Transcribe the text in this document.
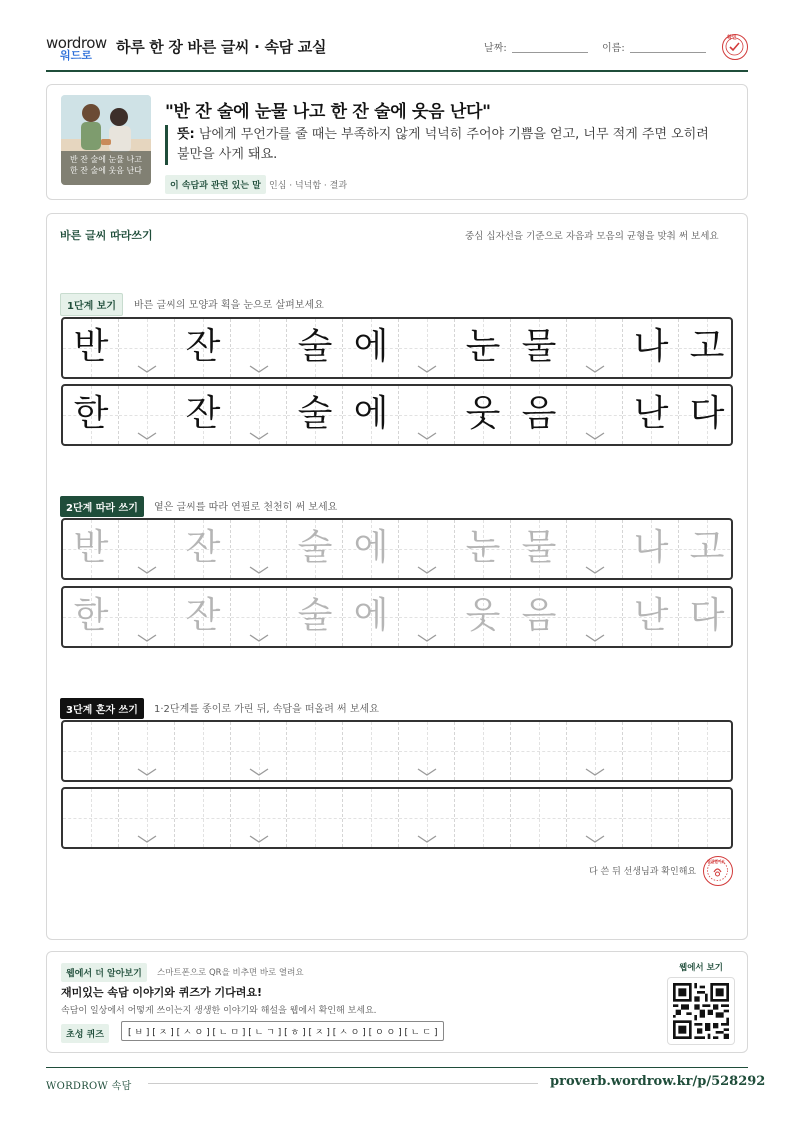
wordrow
워드로 하루 한 장 바른 글씨 · 속담 교실	날짜:	이름:
확인
반 잔 술에 눈물 나고
한 잔 술에 웃음 난다
"반 잔 술에 눈물 나고 한 잔 술에 웃음 난다"
뜻: 남에게 무언가를 줄 때는 부족하지 않게 넉넉히 주어야 기쁨을 얻고, 너무 적게 주면 오히려 불만을 사게 돼요.
이 속담과 관련 있는 말 인심 · 넉넉함 · 결과
바른 글씨 따라쓰기	중심 십자선을 기준으로 자음과 모음의 균형을 맞춰 써 보세요
1단계 보기	바른 글씨의 모양과 획을 눈으로 살펴보세요
2단계 따라 쓰기	옅은 글씨를 따라 연필로 천천히 써 보세요
3단계 혼자 쓰기	1·2단계를 종이로 가린 뒤, 속담을 떠올려 써 보세요
반 잔 술 에 눈 물 나 고
한 잔 술 에 웃 음 난 다
반 잔 술 에 눈 물 나 고
한 잔 술 에 웃 음 난 다
다 쓴 뒤 선생님과 확인해요
참잘했어요
웹에서 더 알아보기	스마트폰으로 QR을 비추면 바로 열려요
재미있는 속담 이야기와 퀴즈가 기다려요!
속담이 일상에서 어떻게 쓰이는지 생생한 이야기와 해설을 웹에서 확인해 보세요.
초성 퀴즈	[ ㅂ ] [ ㅈ ] [ ㅅ ㅇ ] [ ㄴ ㅁ ] [ ㄴ ㄱ ] [ ㅎ ] [ ㅈ ] [ ㅅ ㅇ ] [ ㅇ ㅇ ] [ ㄴ ㄷ ]
웹에서 보기
WORDROW 속담	proverb.wordrow.kr/p/528292
